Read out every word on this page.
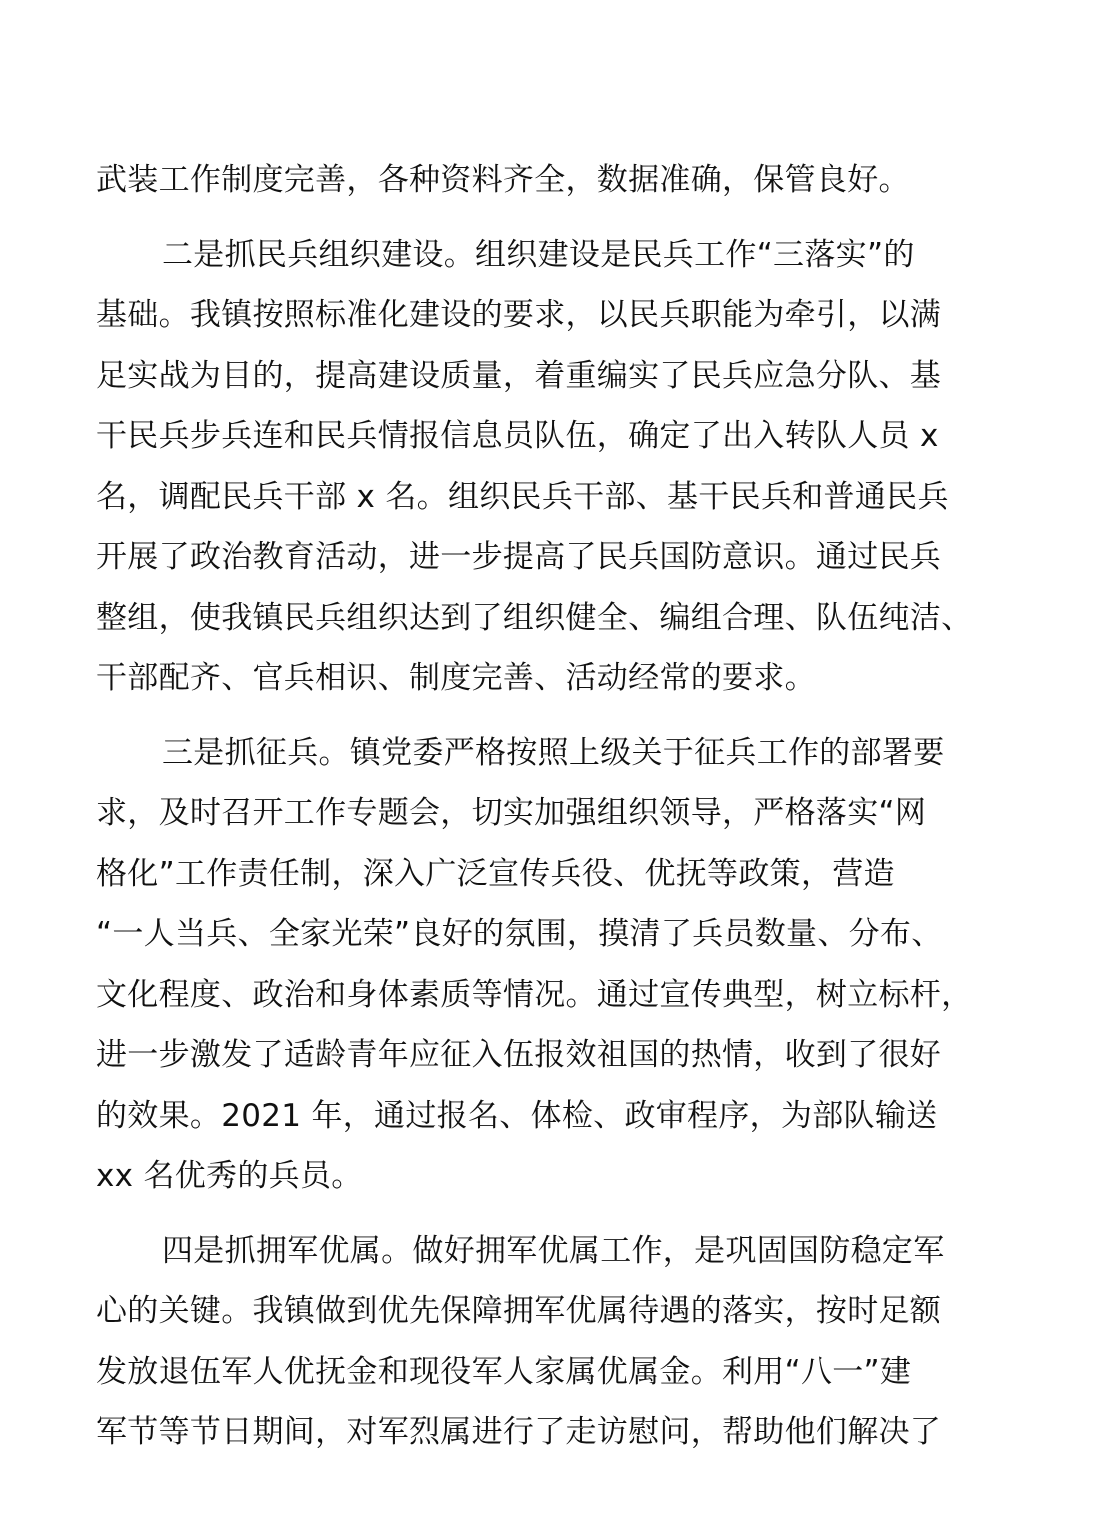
武装工作制度完善，各种资料齐全，数据准确，保管良好。
二是抓民兵组织建设。组织建设是民兵工作“三落实”的
基础。我镇按照标准化建设的要求，以民兵职能为牵引，以满
足实战为目的，提高建设质量，着重编实了民兵应急分队、基
干民兵步兵连和民兵情报信息员队伍，确定了出入转队人员 x
名，调配民兵干部 x 名。组织民兵干部、基干民兵和普通民兵
开展了政治教育活动，进一步提高了民兵国防意识。通过民兵
整组，使我镇民兵组织达到了组织健全、编组合理、队伍纯洁、
干部配齐、官兵相识、制度完善、活动经常的要求。
三是抓征兵。镇党委严格按照上级关于征兵工作的部署要
求，及时召开工作专题会，切实加强组织领导，严格落实“网
格化”工作责任制，深入广泛宣传兵役、优抚等政策，营造
“一人当兵、全家光荣”良好的氛围，摸清了兵员数量、分布、
文化程度、政治和身体素质等情况。通过宣传典型，树立标杆，
进一步激发了适龄青年应征入伍报效祖国的热情，收到了很好
的效果。2021 年，通过报名、体检、政审程序，为部队输送
xx 名优秀的兵员。
四是抓拥军优属。做好拥军优属工作，是巩固国防稳定军
心的关键。我镇做到优先保障拥军优属待遇的落实，按时足额
发放退伍军人优抚金和现役军人家属优属金。利用“八一”建
军节等节日期间，对军烈属进行了走访慰问，帮助他们解决了
